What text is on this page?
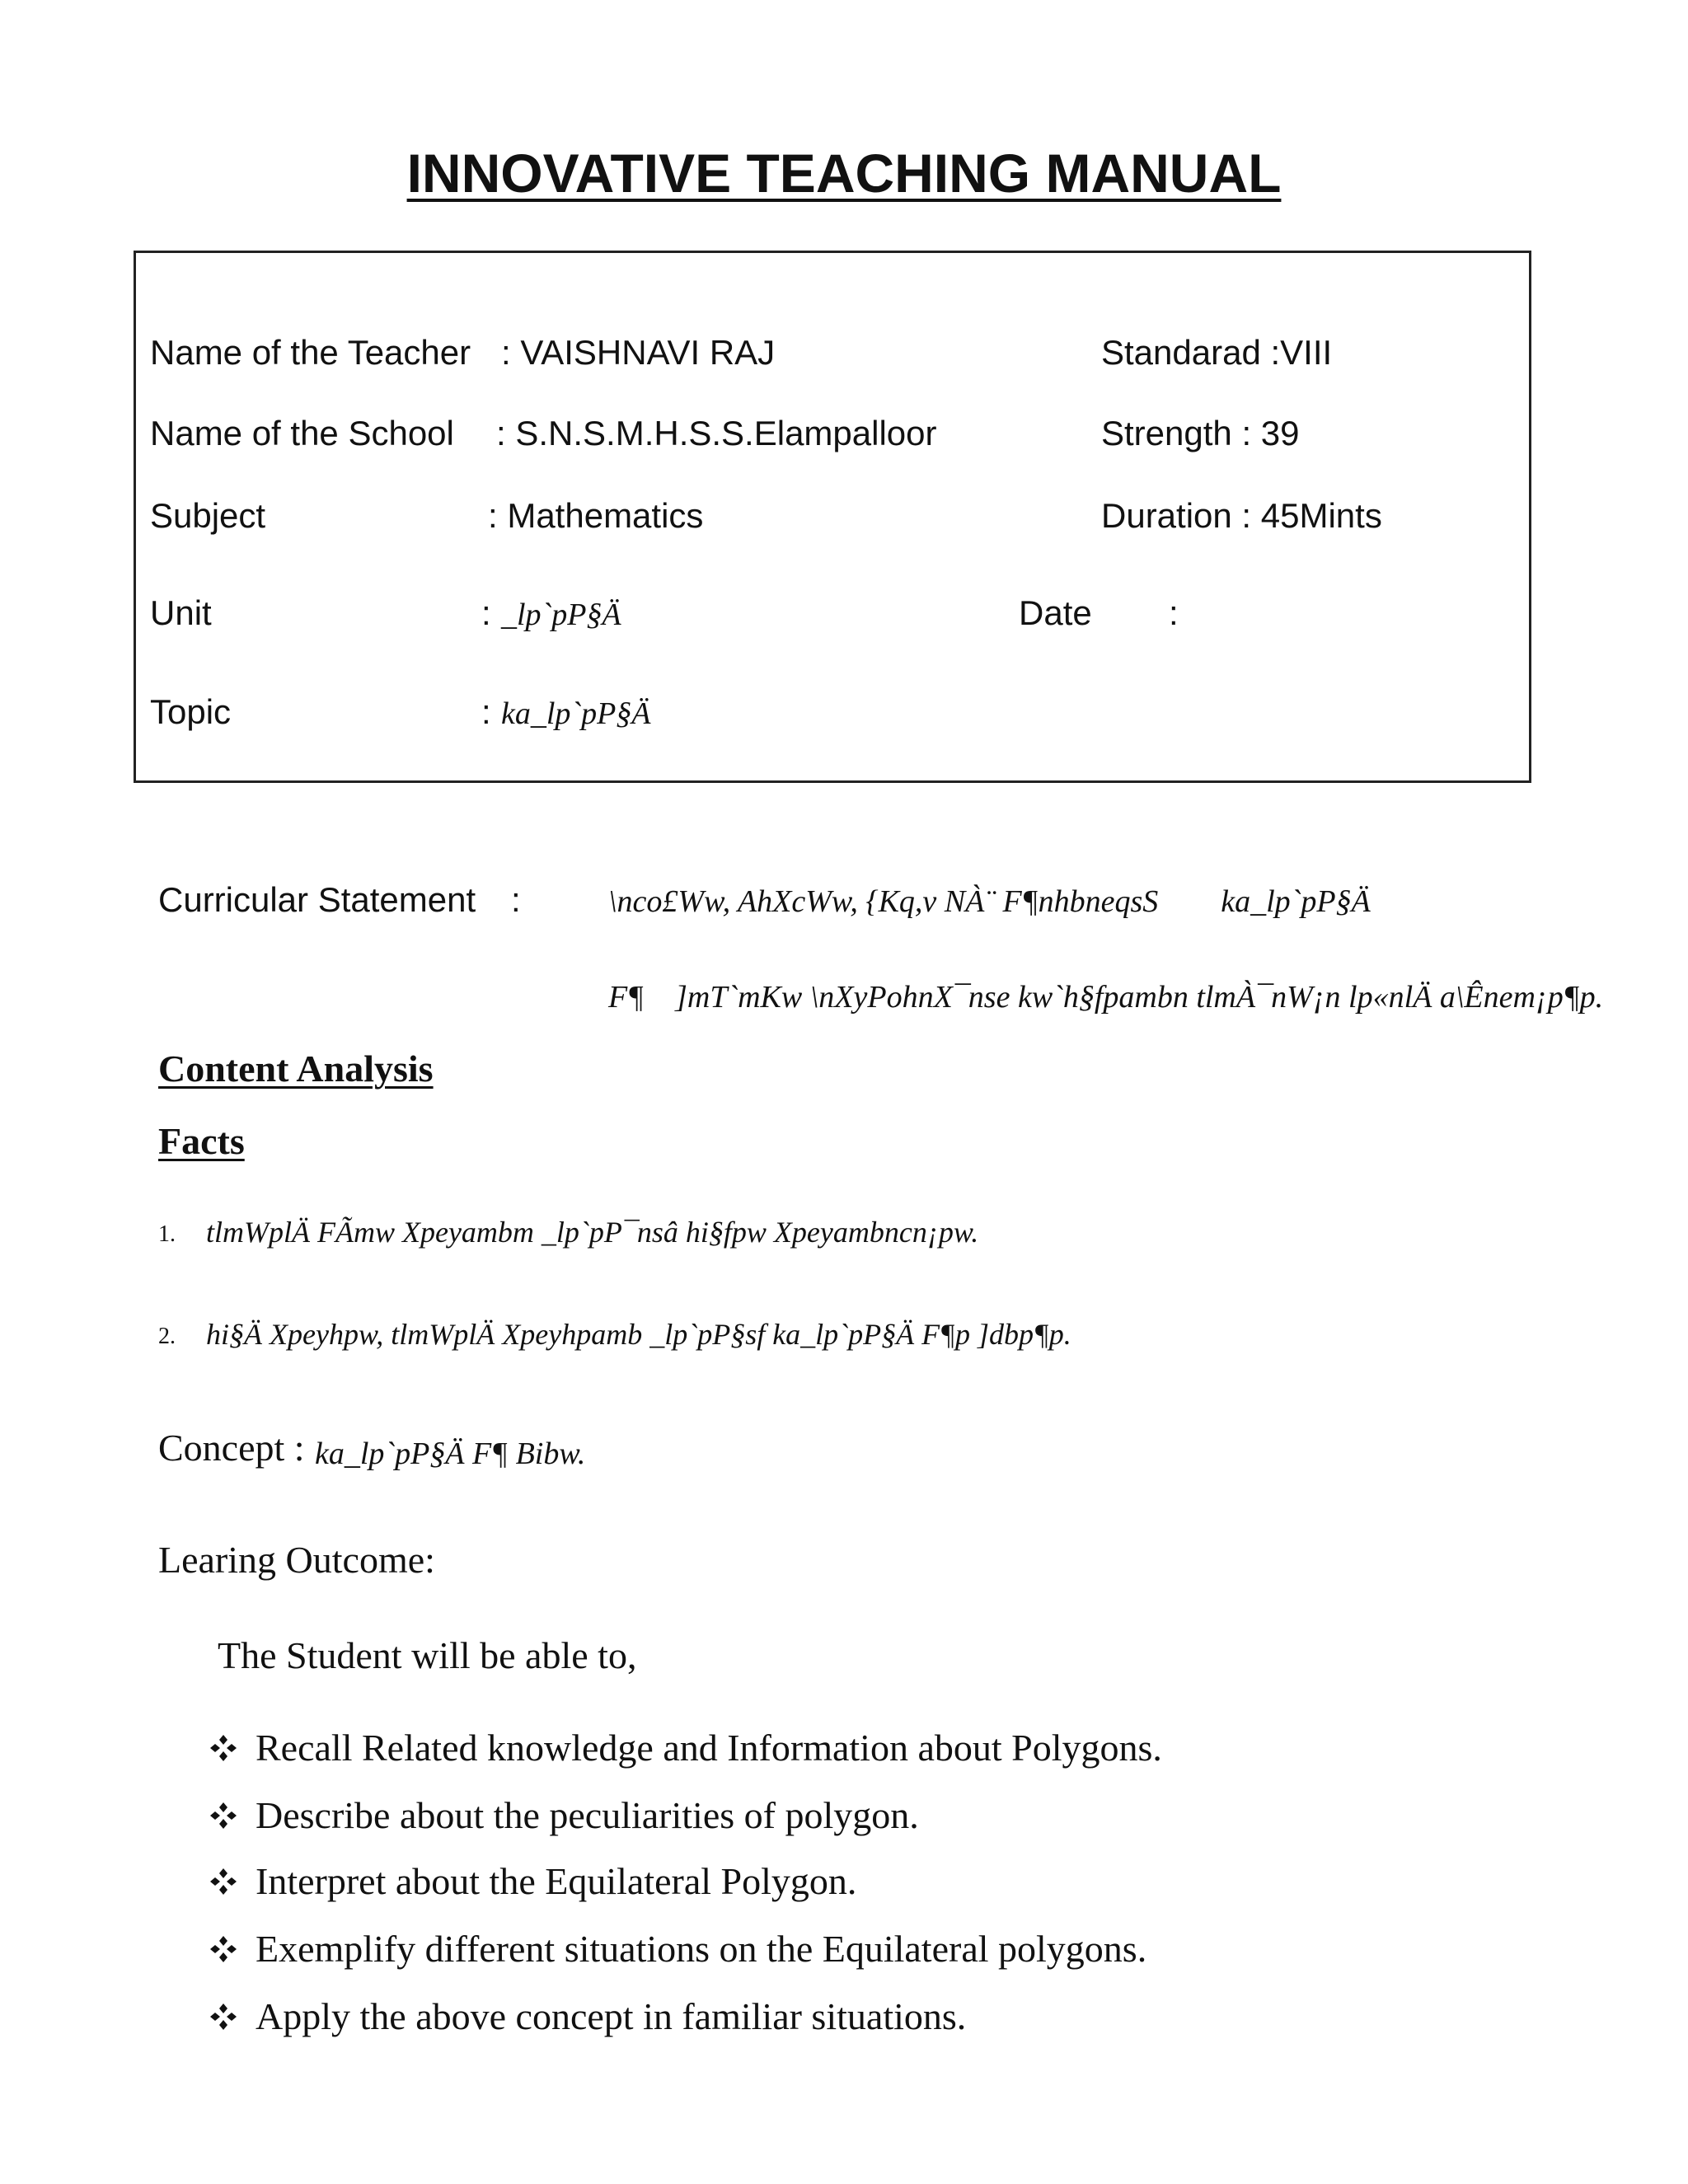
INNOVATIVE TEACHING MANUAL
Name of the Teacher : VAISHNAVI RAJ	Standarad :VIII
Name of the School : S.N.S.M.H.S.S.Elampalloor	Strength : 39
Subject	: Mathematics	Duration : 45Mints
Unit	: _lp`pP§Ä	Date :
Topic	: ka_lp`pP§Ä
Curricular Statement :	\nco£Ww, AhXcWw, {Kq,v NÀ¨ F¶nhbneqsS        ka_lp`pP§Ä
F¶    ]mT`mKw \nXyPohnX¯nse kw`h§fpambn tlmÀ¯nW¡n lp«nlÄ a\Ênem¡p¶p.
Content Analysis
Facts
1. tlmWplÄ FÃmw Xpeyambm _lp`pP¯nsâ hi§fpw Xpeyambncn¡pw.
2. hi§Ä Xpeyhpw, tlmWplÄ Xpeyhpamb _lp`pP§sf ka_lp`pP§Ä F¶p ]dbp¶p.
Concept : ka_lp`pP§Ä F¶ Bibw.
Learing Outcome:
The Student will be able to,
Recall Related knowledge and Information about Polygons.
Describe about the peculiarities of polygon.
Interpret about the Equilateral Polygon.
Exemplify different situations on the Equilateral polygons.
Apply the above concept in familiar situations.
